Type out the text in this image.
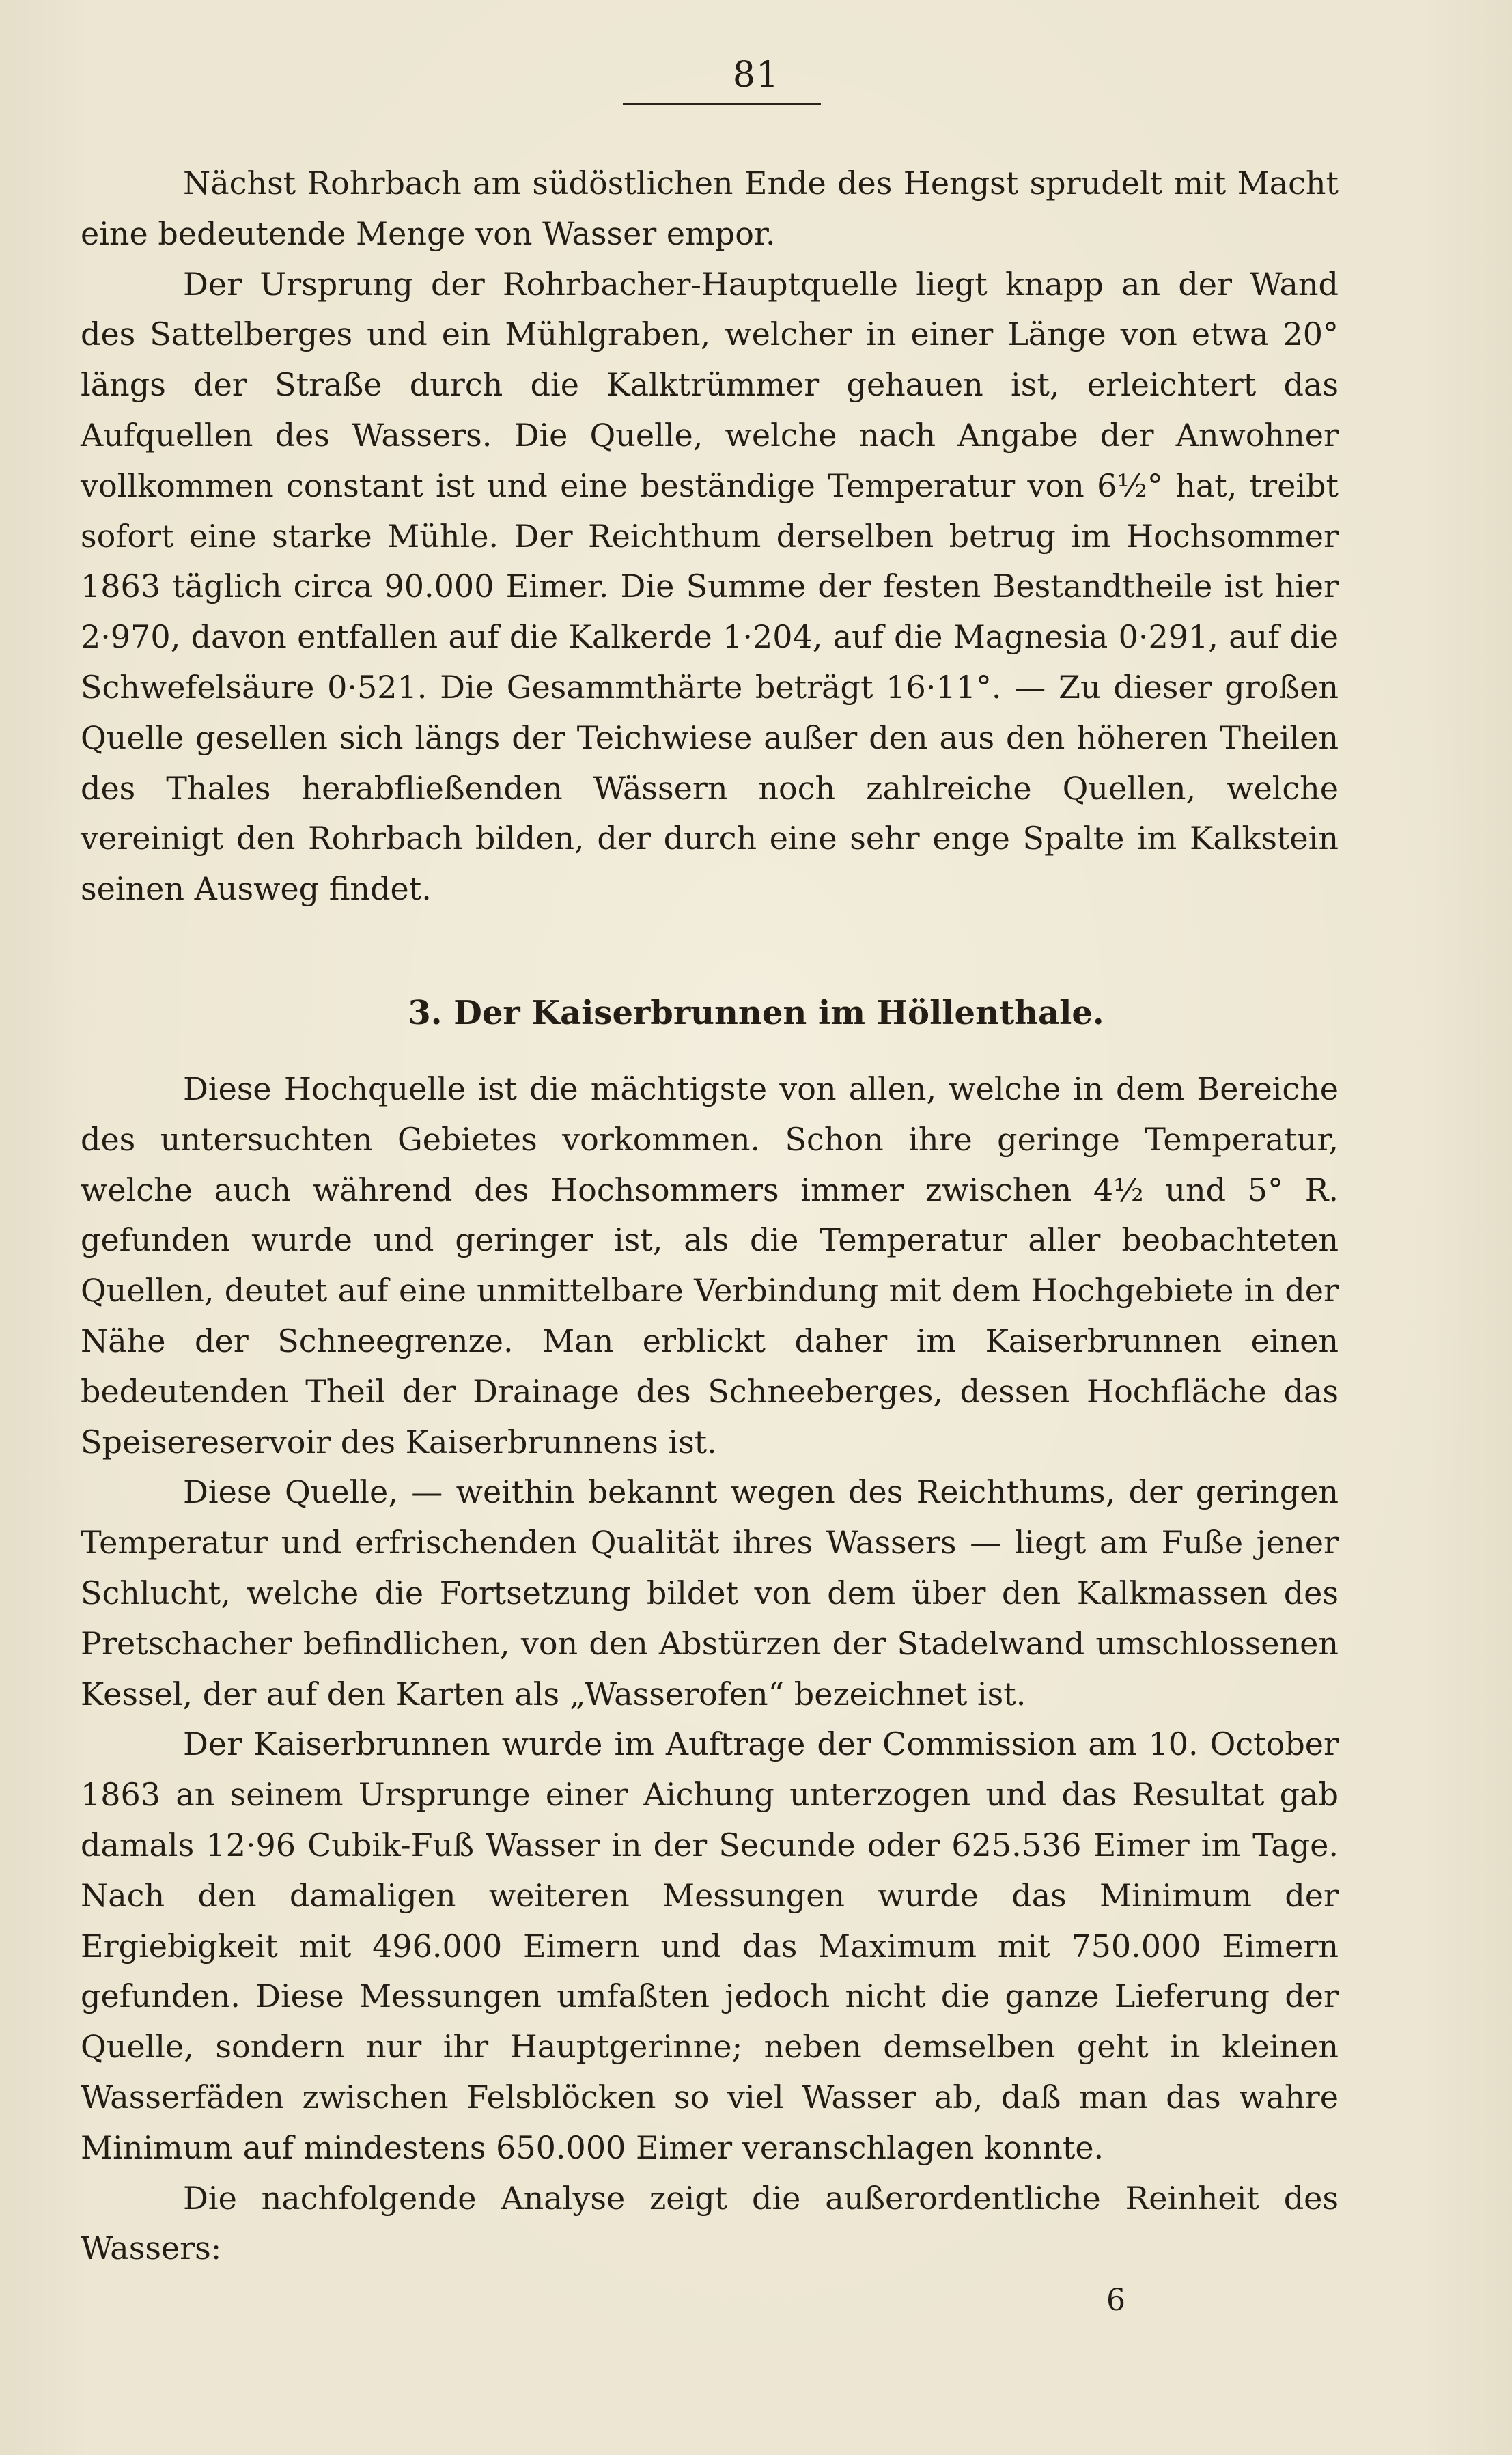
81

Nächst Rohrbach am südöstlichen Ende des Hengst sprudelt mit Macht eine bedeutende Menge von Wasser empor.

Der Ursprung der Rohrbacher-Hauptquelle liegt knapp an der Wand des Sattelberges und ein Mühlgraben, welcher in einer Länge von etwa 20° längs der Straße durch die Kalktrümmer gehauen ist, erleichtert das Aufquellen des Wassers. Die Quelle, welche nach Angabe der Anwohner vollkommen constant ist und eine beständige Temperatur von 6½° hat, treibt sofort eine starke Mühle. Der Reichthum derselben betrug im Hochsommer 1863 täglich circa 90.000 Eimer. Die Summe der festen Bestandtheile ist hier 2·970, davon entfallen auf die Kalkerde 1·204, auf die Magnesia 0·291, auf die Schwefelsäure 0·521. Die Gesammthärte beträgt 16·11°. — Zu dieser großen Quelle gesellen sich längs der Teichwiese außer den aus den höheren Theilen des Thales herabfließenden Wässern noch zahlreiche Quellen, welche vereinigt den Rohrbach bilden, der durch eine sehr enge Spalte im Kalkstein seinen Ausweg findet.

3. Der Kaiserbrunnen im Höllenthale.

Diese Hochquelle ist die mächtigste von allen, welche in dem Bereiche des untersuchten Gebietes vorkommen. Schon ihre geringe Temperatur, welche auch während des Hochsommers immer zwischen 4½ und 5° R. gefunden wurde und geringer ist, als die Temperatur aller beobachteten Quellen, deutet auf eine unmittelbare Verbindung mit dem Hochgebiete in der Nähe der Schneegrenze. Man erblickt daher im Kaiserbrunnen einen bedeutenden Theil der Drainage des Schneeberges, dessen Hochfläche das Speisereservoir des Kaiserbrunnens ist.

Diese Quelle, — weithin bekannt wegen des Reichthums, der geringen Temperatur und erfrischenden Qualität ihres Wassers — liegt am Fuße jener Schlucht, welche die Fortsetzung bildet von dem über den Kalkmassen des Pretschacher befindlichen, von den Abstürzen der Stadelwand umschlossenen Kessel, der auf den Karten als „Wasserofen“ bezeichnet ist.

Der Kaiserbrunnen wurde im Auftrage der Commission am 10. October 1863 an seinem Ursprunge einer Aichung unterzogen und das Resultat gab damals 12·96 Cubik-Fuß Wasser in der Secunde oder 625.536 Eimer im Tage. Nach den damaligen weiteren Messungen wurde das Minimum der Ergiebigkeit mit 496.000 Eimern und das Maximum mit 750.000 Eimern gefunden. Diese Messungen umfaßten jedoch nicht die ganze Lieferung der Quelle, sondern nur ihr Hauptgerinne; neben demselben geht in kleinen Wasserfäden zwischen Felsblöcken so viel Wasser ab, daß man das wahre Minimum auf mindestens 650.000 Eimer veranschlagen konnte.

Die nachfolgende Analyse zeigt die außerordentliche Reinheit des Wassers:

6
